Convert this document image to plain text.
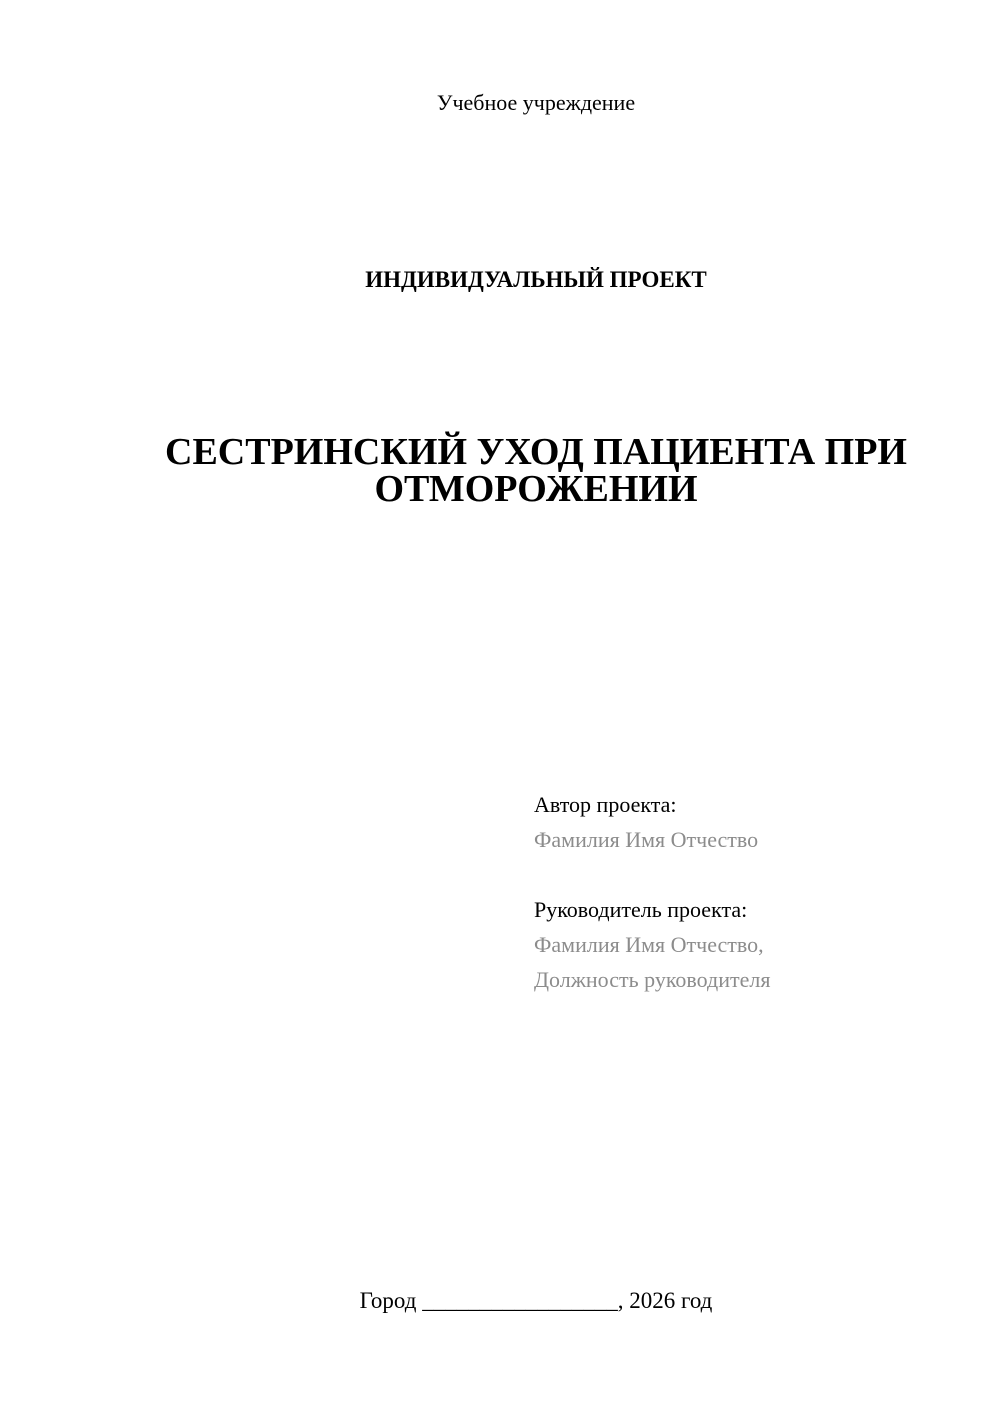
Учебное учреждение
ИНДИВИДУАЛЬНЫЙ ПРОЕКТ
СЕСТРИНСКИЙ УХОД ПАЦИЕНТА ПРИ
ОТМОРОЖЕНИИ
Автор проекта:
Фамилия Имя Отчество
Руководитель проекта:
Фамилия Имя Отчество,
Должность руководителя
Город _________________, 2026 год
